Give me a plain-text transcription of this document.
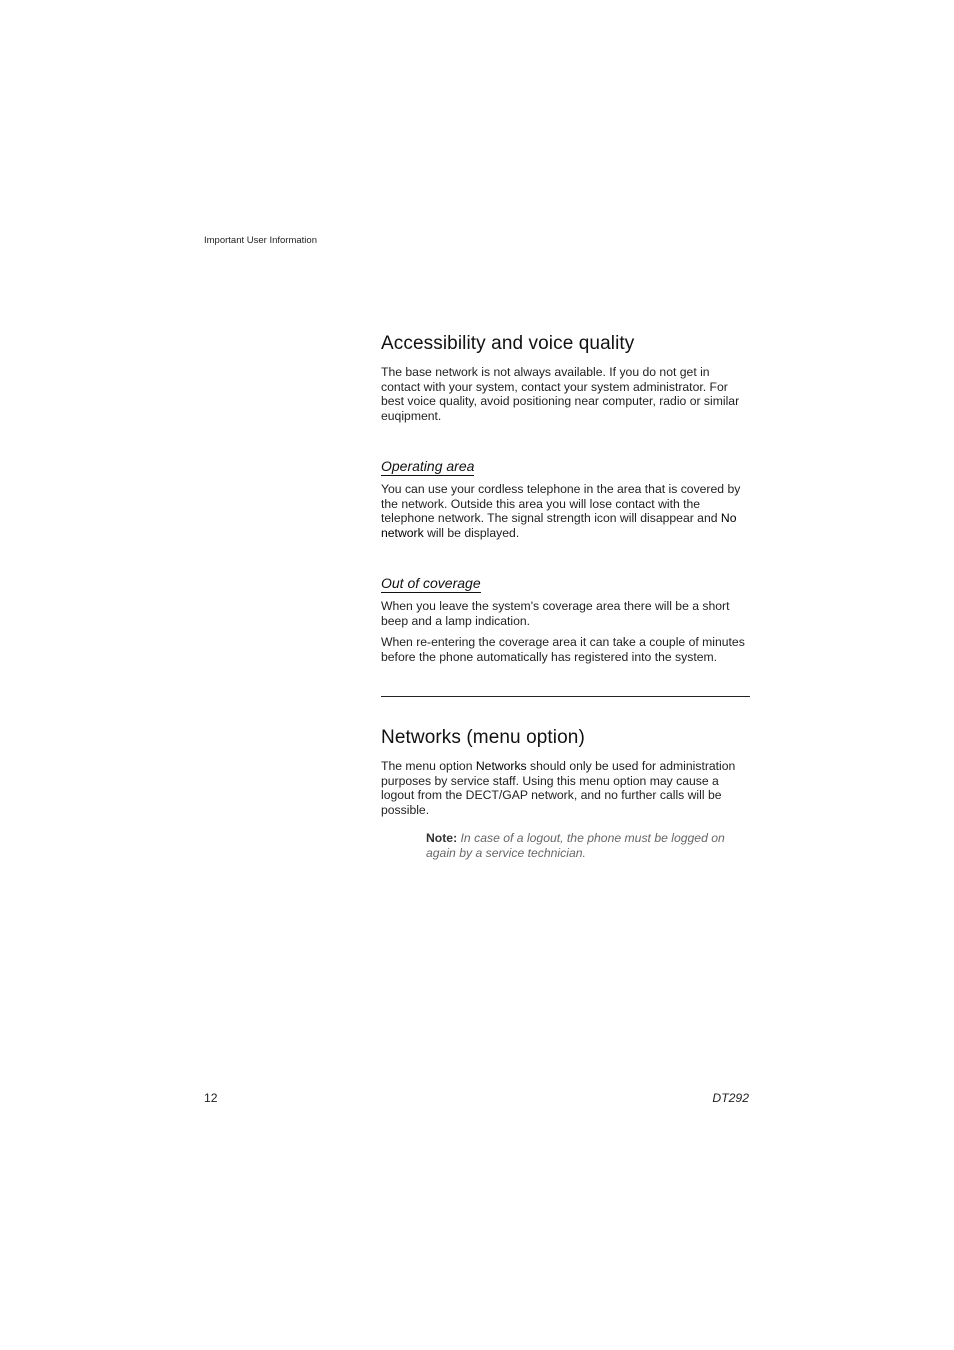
Important User Information
Accessibility and voice quality

The base network is not always available. If you do not get in contact with your system, contact your system administrator. For best voice quality, avoid positioning near computer, radio or similar euqipment.

Operating area

You can use your cordless telephone in the area that is covered by the network. Outside this area you will lose contact with the telephone network. The signal strength icon will disappear and No network will be displayed.

Out of coverage

When you leave the system's coverage area there will be a short beep and a lamp indication.

When re-entering the coverage area it can take a couple of minutes before the phone automatically has registered into the system.

Networks (menu option)

The menu option Networks should only be used for administration purposes by service staff. Using this menu option may cause a logout from the DECT/GAP network, and no further calls will be possible.

Note: In case of a logout, the phone must be logged on again by a service technician.
12	DT292
